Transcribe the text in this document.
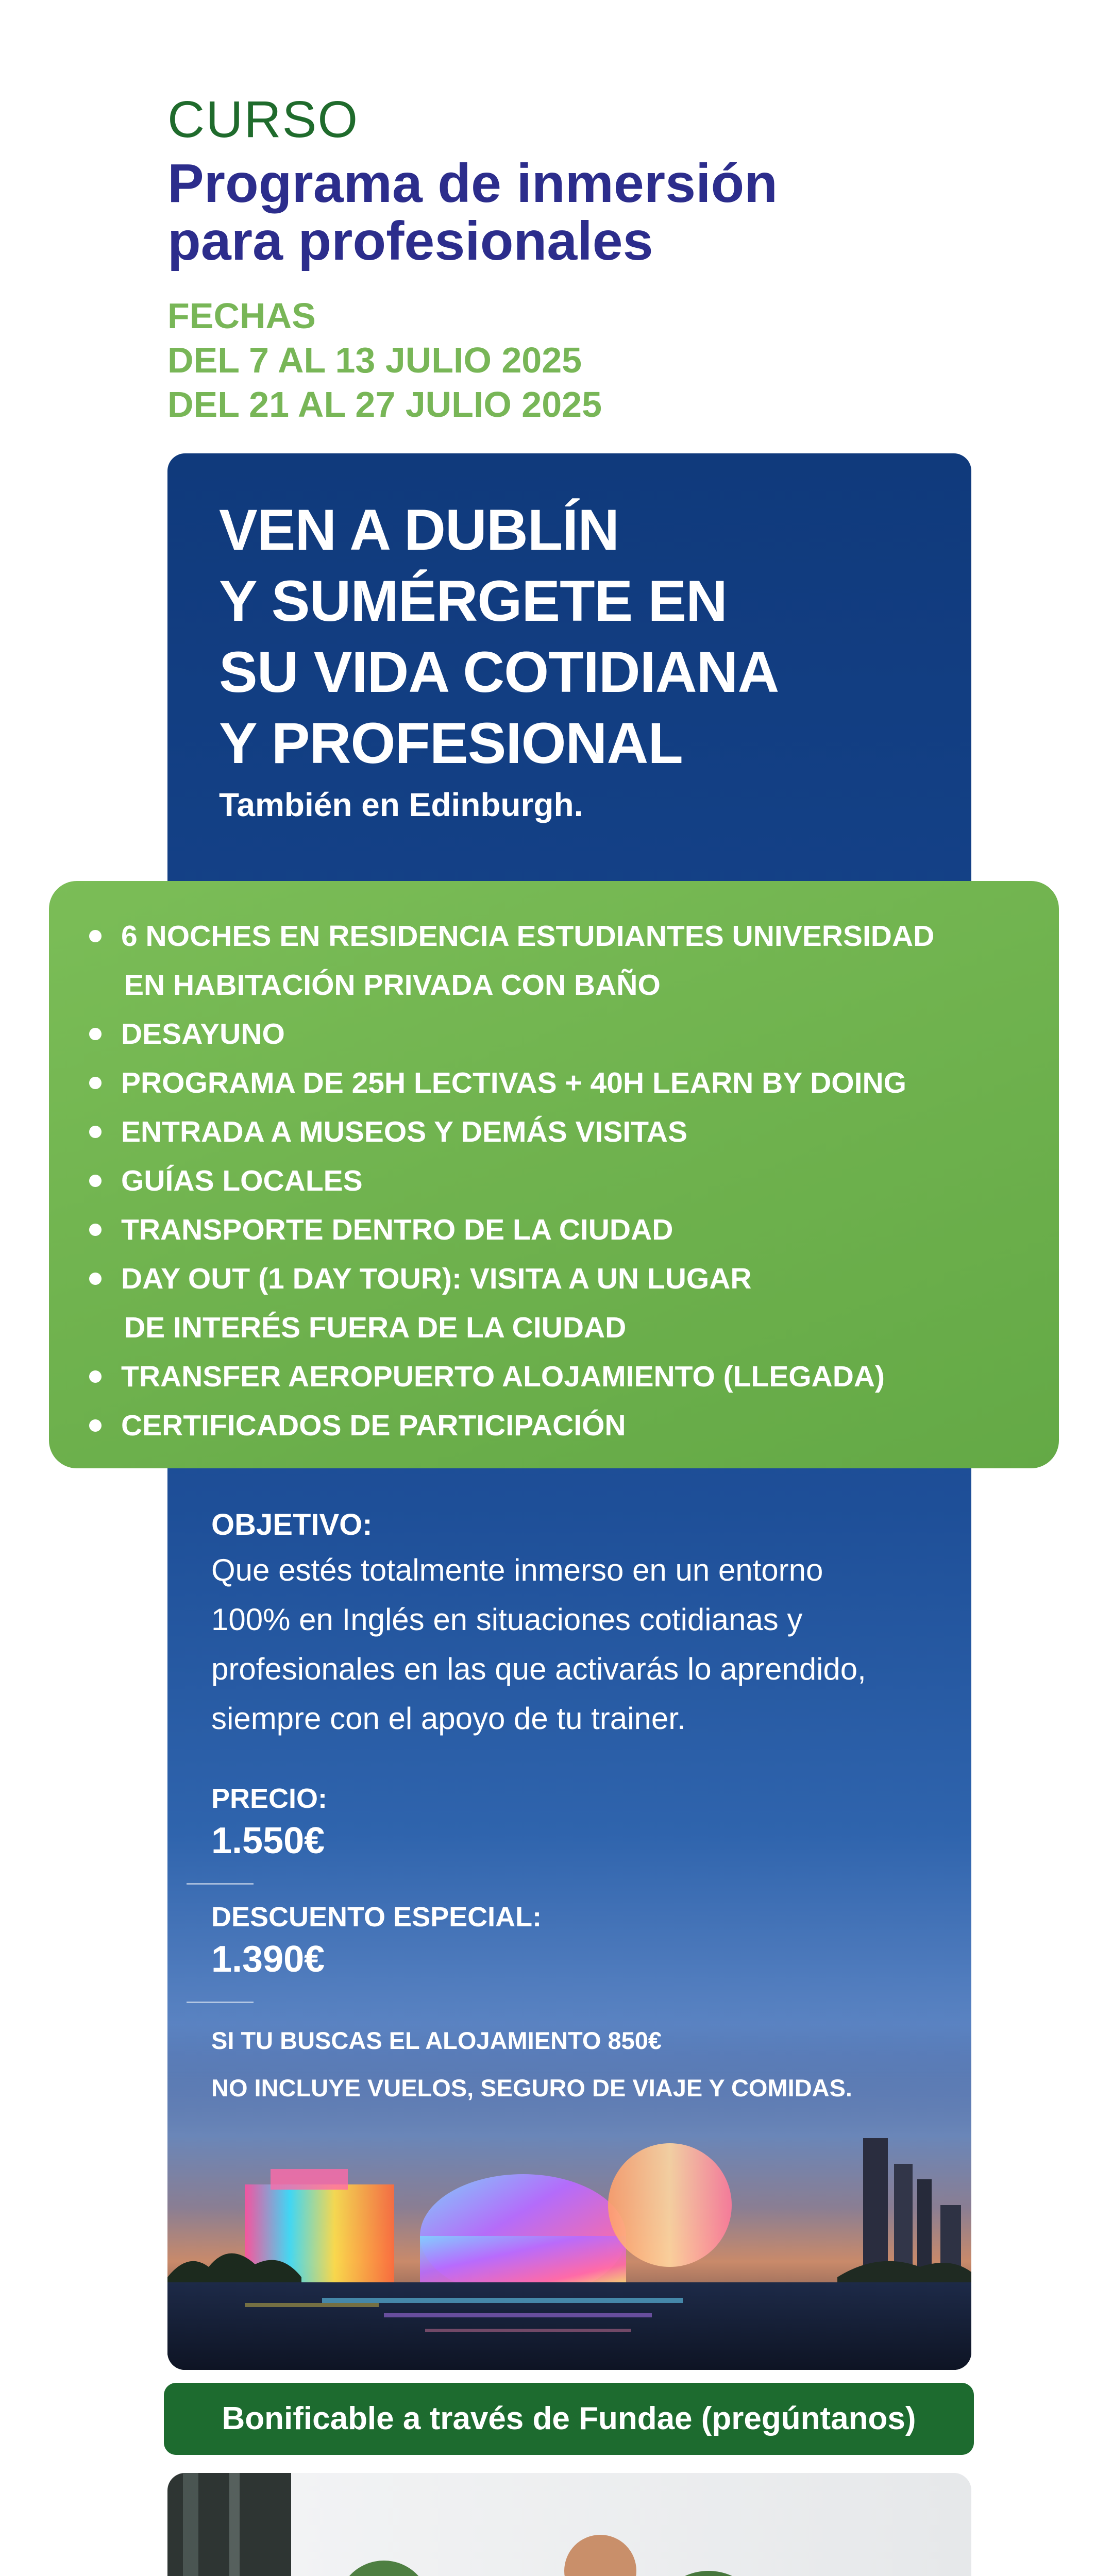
CURSO
Programa de inmersión
para profesionales
FECHAS
DEL 7 AL 13 JULIO 2025
DEL 21 AL 27 JULIO 2025
VEN A DUBLÍN
Y SUMÉRGETE EN
SU VIDA COTIDIANA
Y PROFESIONAL
También en Edinburgh.
6 NOCHES EN RESIDENCIA ESTUDIANTES UNIVERSIDAD
EN HABITACIÓN PRIVADA CON BAÑO
DESAYUNO
PROGRAMA DE 25H LECTIVAS + 40H LEARN BY DOING
ENTRADA A MUSEOS Y DEMÁS VISITAS
GUÍAS LOCALES
TRANSPORTE DENTRO DE LA CIUDAD
DAY OUT (1 DAY TOUR): VISITA A UN LUGAR
DE INTERÉS FUERA DE LA CIUDAD
TRANSFER AEROPUERTO ALOJAMIENTO (LLEGADA)
CERTIFICADOS DE PARTICIPACIÓN
OBJETIVO:
Que estés totalmente inmerso en un entorno
100% en Inglés en situaciones cotidianas y
profesionales en las que activarás lo aprendido,
siempre con el apoyo de tu trainer.
PRECIO:
1.550€
DESCUENTO ESPECIAL:
1.390€
SI TU BUSCAS EL ALOJAMIENTO 850€
NO INCLUYE VUELOS, SEGURO DE VIAJE Y COMIDAS.
Bonificable a través de Fundae (pregúntanos)
